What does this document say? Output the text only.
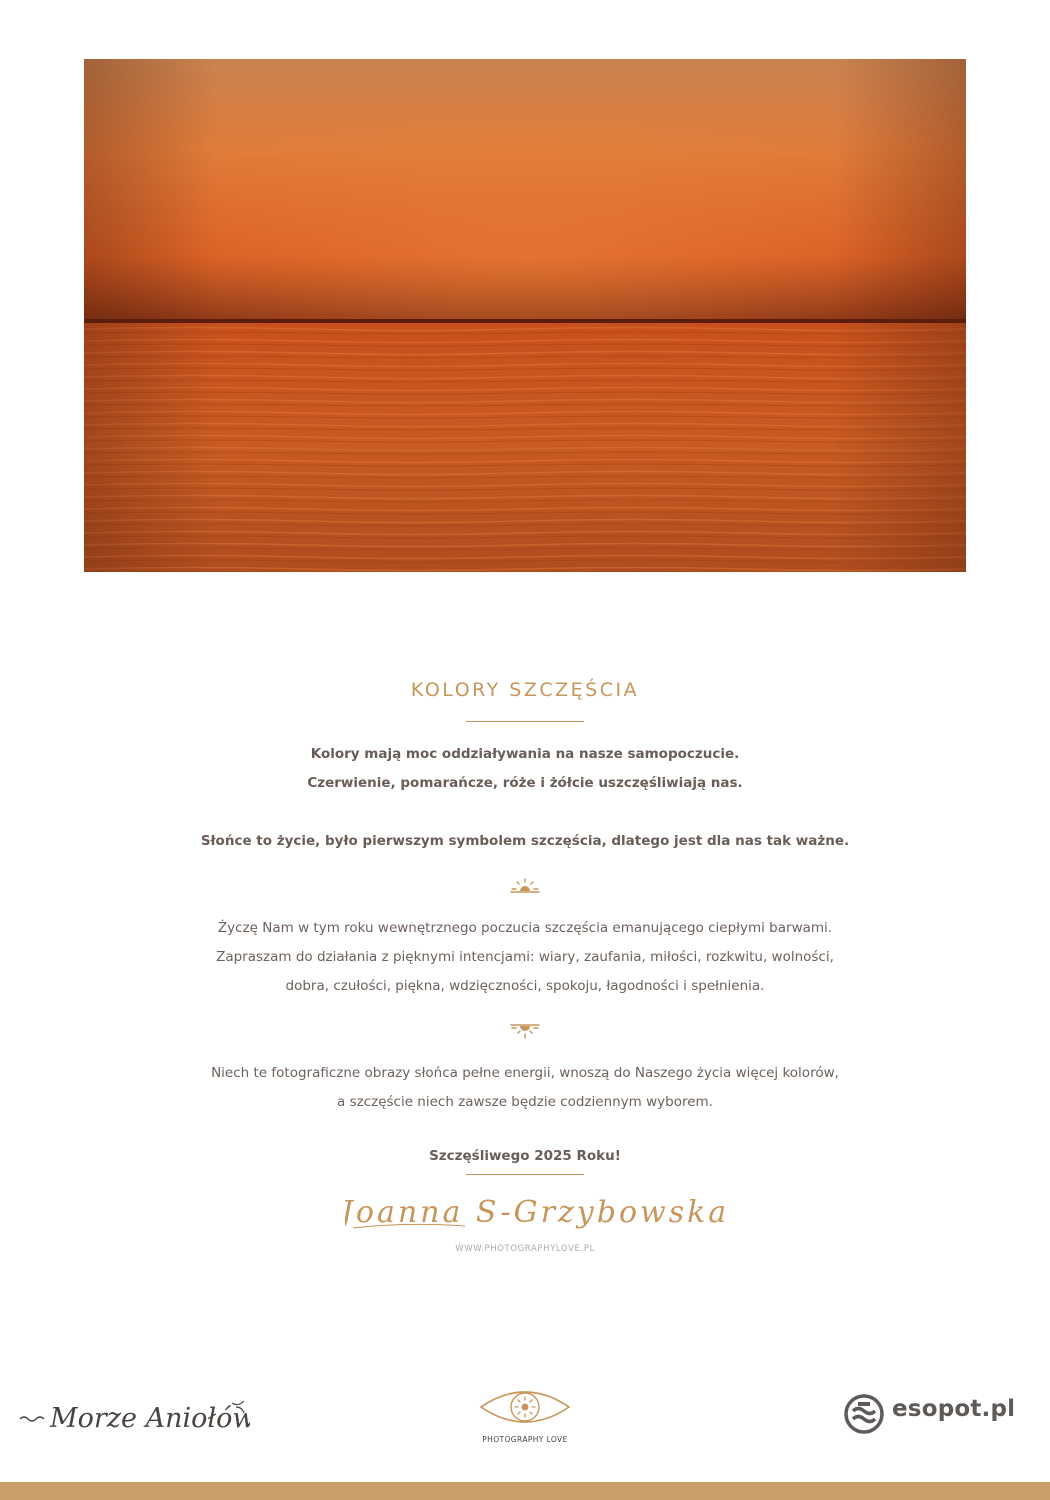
KOLORY SZCZĘŚCIA

Kolory mają moc oddziaływania na nasze samopoczucie.

Czerwienie, pomarańcze, róże i żółcie uszczęśliwiają nas.

Słońce to życie, było pierwszym symbolem szczęścia, dlatego jest dla nas tak ważne.

Życzę Nam w tym roku wewnętrznego poczucia szczęścia emanującego ciepłymi barwami.

Zapraszam do działania z pięknymi intencjami: wiary, zaufania, miłości, rozkwitu, wolności,

dobra, czułości, piękna, wdzięczności, spokoju, łagodności i spełnienia.

Niech te fotograficzne obrazy słońca pełne energii, wnoszą do Naszego życia więcej kolorów,

a szczęście niech zawsze będzie codziennym wyborem.

Szczęśliwego 2025 Roku!

Joanna S-Grzybowska
WWW.PHOTOGRAPHYLOVE.PL
Morze Aniołów
PHOTOGRAPHY LOVE
esopot.pl
